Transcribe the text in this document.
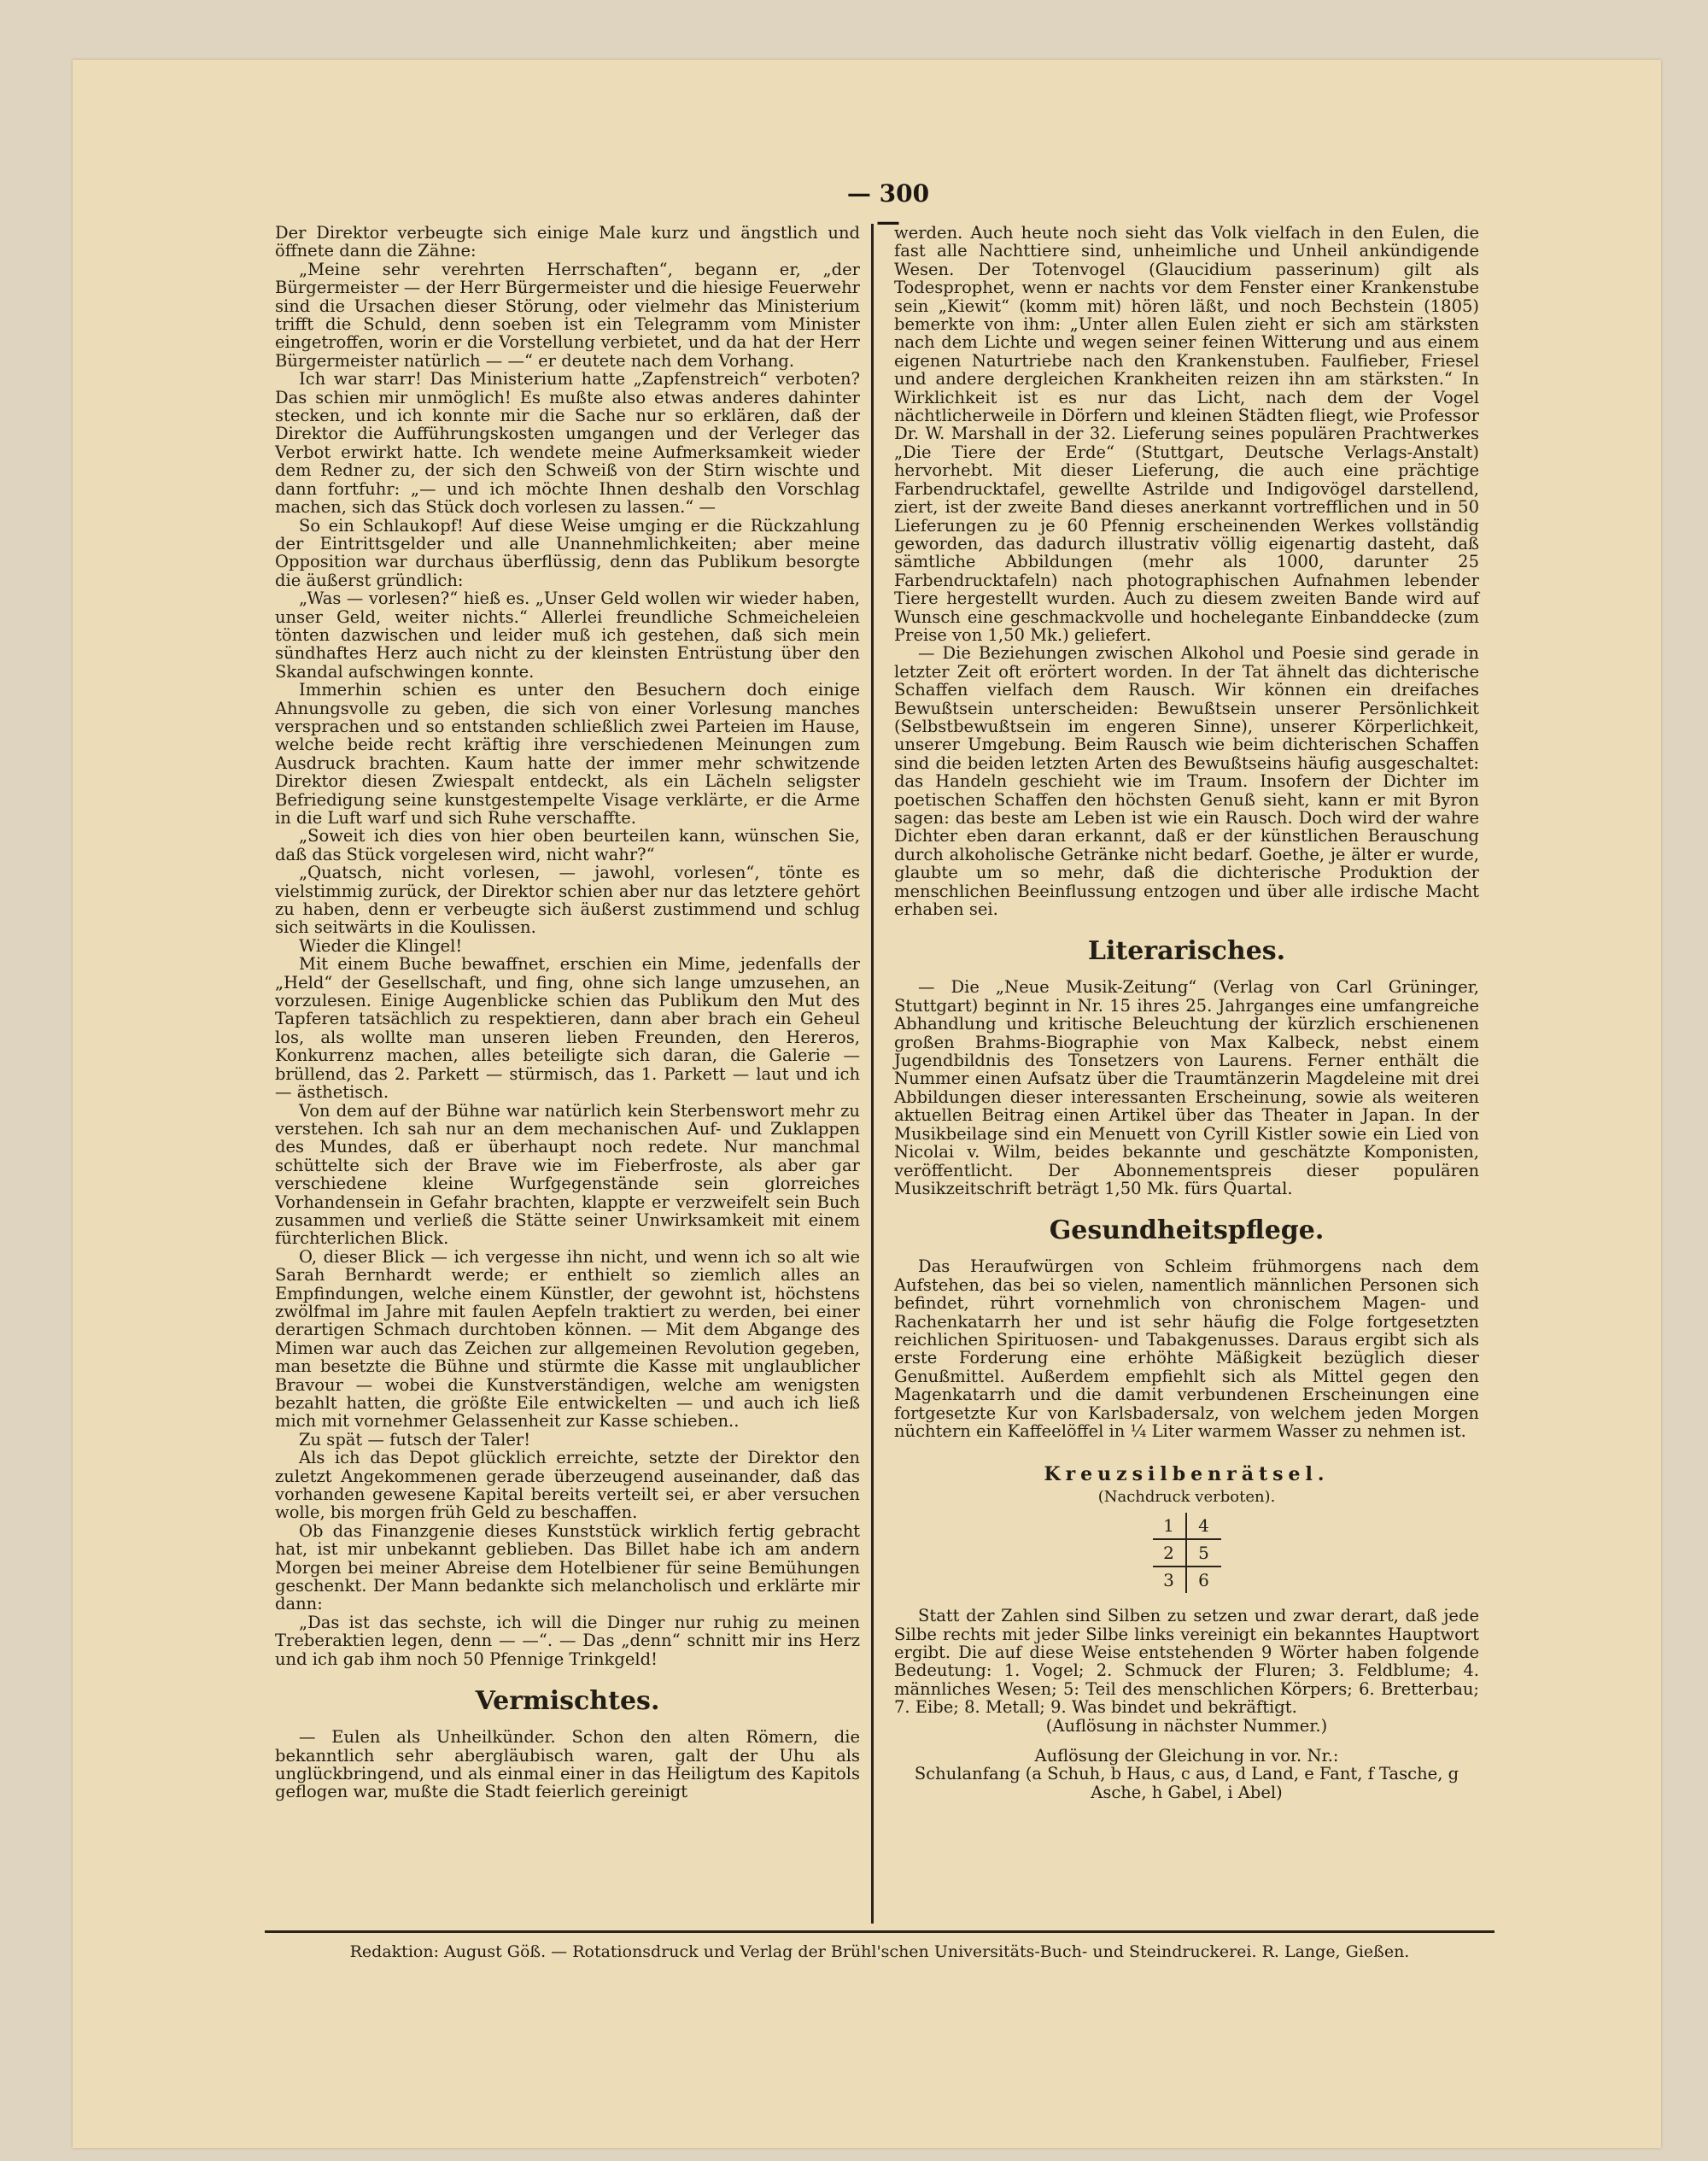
— 300 —

Der Direktor verbeugte sich einige Male kurz und ängstlich und öffnete dann die Zähne:

„Meine sehr verehrten Herrschaften“, begann er, „der Bürgermeister — der Herr Bürgermeister und die hiesige Feuerwehr sind die Ursachen dieser Störung, oder vielmehr das Ministerium trifft die Schuld, denn soeben ist ein Telegramm vom Minister eingetroffen, worin er die Vorstellung verbietet, und da hat der Herr Bürgermeister natürlich — —“ er deutete nach dem Vorhang.

Ich war starr! Das Ministerium hatte „Zapfenstreich“ verboten? Das schien mir unmöglich! Es mußte also etwas anderes dahinter stecken, und ich konnte mir die Sache nur so erklären, daß der Direktor die Aufführungskosten umgangen und der Verleger das Verbot erwirkt hatte. Ich wendete meine Aufmerksamkeit wieder dem Redner zu, der sich den Schweiß von der Stirn wischte und dann fortfuhr: „— und ich möchte Ihnen deshalb den Vorschlag machen, sich das Stück doch vorlesen zu lassen.“ —

So ein Schlaukopf! Auf diese Weise umging er die Rückzahlung der Eintrittsgelder und alle Unannehmlichkeiten; aber meine Opposition war durchaus überflüssig, denn das Publikum besorgte die äußerst gründlich:

„Was — vorlesen?“ hieß es. „Unser Geld wollen wir wieder haben, unser Geld, weiter nichts.“ Allerlei freundliche Schmeicheleien tönten dazwischen und leider muß ich gestehen, daß sich mein sündhaftes Herz auch nicht zu der kleinsten Entrüstung über den Skandal aufschwingen konnte.

Immerhin schien es unter den Besuchern doch einige Ahnungsvolle zu geben, die sich von einer Vorlesung manches versprachen und so entstanden schließlich zwei Parteien im Hause, welche beide recht kräftig ihre verschiedenen Meinungen zum Ausdruck brachten. Kaum hatte der immer mehr schwitzende Direktor diesen Zwiespalt entdeckt, als ein Lächeln seligster Befriedigung seine kunstgestempelte Visage verklärte, er die Arme in die Luft warf und sich Ruhe verschaffte.

„Soweit ich dies von hier oben beurteilen kann, wünschen Sie, daß das Stück vorgelesen wird, nicht wahr?“

„Quatsch, nicht vorlesen, — jawohl, vorlesen“, tönte es vielstimmig zurück, der Direktor schien aber nur das letztere gehört zu haben, denn er verbeugte sich äußerst zustimmend und schlug sich seitwärts in die Koulissen.

Wieder die Klingel!

Mit einem Buche bewaffnet, erschien ein Mime, jedenfalls der „Held“ der Gesellschaft, und fing, ohne sich lange umzusehen, an vorzulesen. Einige Augenblicke schien das Publikum den Mut des Tapferen tatsächlich zu respektieren, dann aber brach ein Geheul los, als wollte man unseren lieben Freunden, den Hereros, Konkurrenz machen, alles beteiligte sich daran, die Galerie — brüllend, das 2. Parkett — stürmisch, das 1. Parkett — laut und ich — ästhetisch.

Von dem auf der Bühne war natürlich kein Sterbenswort mehr zu verstehen. Ich sah nur an dem mechanischen Auf- und Zuklappen des Mundes, daß er überhaupt noch redete. Nur manchmal schüttelte sich der Brave wie im Fieberfroste, als aber gar verschiedene kleine Wurfgegenstände sein glorreiches Vorhandensein in Gefahr brachten, klappte er verzweifelt sein Buch zusammen und verließ die Stätte seiner Unwirksamkeit mit einem fürchterlichen Blick.

O, dieser Blick — ich vergesse ihn nicht, und wenn ich so alt wie Sarah Bernhardt werde; er enthielt so ziemlich alles an Empfindungen, welche einem Künstler, der gewohnt ist, höchstens zwölfmal im Jahre mit faulen Aepfeln traktiert zu werden, bei einer derartigen Schmach durchtoben können. — Mit dem Abgange des Mimen war auch das Zeichen zur allgemeinen Revolution gegeben, man besetzte die Bühne und stürmte die Kasse mit unglaublicher Bravour — wobei die Kunstverständigen, welche am wenigsten bezahlt hatten, die größte Eile entwickelten — und auch ich ließ mich mit vornehmer Gelassenheit zur Kasse schieben..

Zu spät — futsch der Taler!

Als ich das Depot glücklich erreichte, setzte der Direktor den zuletzt Angekommenen gerade überzeugend auseinander, daß das vorhanden gewesene Kapital bereits verteilt sei, er aber versuchen wolle, bis morgen früh Geld zu beschaffen.

Ob das Finanzgenie dieses Kunststück wirklich fertig gebracht hat, ist mir unbekannt geblieben. Das Billet habe ich am andern Morgen bei meiner Abreise dem Hotelbiener für seine Bemühungen geschenkt. Der Mann bedankte sich melancholisch und erklärte mir dann:

„Das ist das sechste, ich will die Dinger nur ruhig zu meinen Treberaktien legen, denn — —“. — Das „denn“ schnitt mir ins Herz und ich gab ihm noch 50 Pfennige Trinkgeld!

Vermischtes.

— Eulen als Unheilkünder. Schon den alten Römern, die bekanntlich sehr abergläubisch waren, galt der Uhu als unglückbringend, und als einmal einer in das Heiligtum des Kapitols geflogen war, mußte die Stadt feierlich gereinigt

werden. Auch heute noch sieht das Volk vielfach in den Eulen, die fast alle Nachttiere sind, unheimliche und Unheil ankündigende Wesen. Der Totenvogel (Glaucidium passerinum) gilt als Todesprophet, wenn er nachts vor dem Fenster einer Krankenstube sein „Kiewit“ (komm mit) hören läßt, und noch Bechstein (1805) bemerkte von ihm: „Unter allen Eulen zieht er sich am stärksten nach dem Lichte und wegen seiner feinen Witterung und aus einem eigenen Naturtriebe nach den Krankenstuben. Faulfieber, Friesel und andere dergleichen Krankheiten reizen ihn am stärksten.“ In Wirklichkeit ist es nur das Licht, nach dem der Vogel nächtlicherweile in Dörfern und kleinen Städten fliegt, wie Professor Dr. W. Marshall in der 32. Lieferung seines populären Prachtwerkes „Die Tiere der Erde“ (Stuttgart, Deutsche Verlags-Anstalt) hervorhebt. Mit dieser Lieferung, die auch eine prächtige Farbendrucktafel, gewellte Astrilde und Indigovögel darstellend, ziert, ist der zweite Band dieses anerkannt vortrefflichen und in 50 Lieferungen zu je 60 Pfennig erscheinenden Werkes vollständig geworden, das dadurch illustrativ völlig eigenartig dasteht, daß sämtliche Abbildungen (mehr als 1000, darunter 25 Farbendrucktafeln) nach photographischen Aufnahmen lebender Tiere hergestellt wurden. Auch zu diesem zweiten Bande wird auf Wunsch eine geschmackvolle und hochelegante Einbanddecke (zum Preise von 1,50 Mk.) geliefert.

— Die Beziehungen zwischen Alkohol und Poesie sind gerade in letzter Zeit oft erörtert worden. In der Tat ähnelt das dichterische Schaffen vielfach dem Rausch. Wir können ein dreifaches Bewußtsein unterscheiden: Bewußtsein unserer Persönlichkeit (Selbstbewußtsein im engeren Sinne), unserer Körperlichkeit, unserer Umgebung. Beim Rausch wie beim dichterischen Schaffen sind die beiden letzten Arten des Bewußtseins häufig ausgeschaltet: das Handeln geschieht wie im Traum. Insofern der Dichter im poetischen Schaffen den höchsten Genuß sieht, kann er mit Byron sagen: das beste am Leben ist wie ein Rausch. Doch wird der wahre Dichter eben daran erkannt, daß er der künstlichen Berauschung durch alkoholische Getränke nicht bedarf. Goethe, je älter er wurde, glaubte um so mehr, daß die dichterische Produktion der menschlichen Beeinflussung entzogen und über alle irdische Macht erhaben sei.

Literarisches.

— Die „Neue Musik-Zeitung“ (Verlag von Carl Grüninger, Stuttgart) beginnt in Nr. 15 ihres 25. Jahrganges eine umfangreiche Abhandlung und kritische Beleuchtung der kürzlich erschienenen großen Brahms-Biographie von Max Kalbeck, nebst einem Jugendbildnis des Tonsetzers von Laurens. Ferner enthält die Nummer einen Aufsatz über die Traumtänzerin Magdeleine mit drei Abbildungen dieser interessanten Erscheinung, sowie als weiteren aktuellen Beitrag einen Artikel über das Theater in Japan. In der Musikbeilage sind ein Menuett von Cyrill Kistler sowie ein Lied von Nicolai v. Wilm, beides bekannte und geschätzte Komponisten, veröffentlicht. Der Abonnementspreis dieser populären Musikzeitschrift beträgt 1,50 Mk. fürs Quartal.

Gesundheitspflege.

Das Heraufwürgen von Schleim frühmorgens nach dem Aufstehen, das bei so vielen, namentlich männlichen Personen sich befindet, rührt vornehmlich von chronischem Magen- und Rachenkatarrh her und ist sehr häufig die Folge fortgesetzten reichlichen Spirituosen- und Tabakgenusses. Daraus ergibt sich als erste Forderung eine erhöhte Mäßigkeit bezüglich dieser Genußmittel. Außerdem empfiehlt sich als Mittel gegen den Magenkatarrh und die damit verbundenen Erscheinungen eine fortgesetzte Kur von Karlsbadersalz, von welchem jeden Morgen nüchtern ein Kaffeelöffel in ¼ Liter warmem Wasser zu nehmen ist.

Kreuzsilbenrätsel.
(Nachdruck verboten).
1	4
2	5
3	6

Statt der Zahlen sind Silben zu setzen und zwar derart, daß jede Silbe rechts mit jeder Silbe links vereinigt ein bekanntes Hauptwort ergibt. Die auf diese Weise entstehenden 9 Wörter haben folgende Bedeutung: 1. Vogel; 2. Schmuck der Fluren; 3. Feldblume; 4. männliches Wesen; 5: Teil des menschlichen Körpers; 6. Bretterbau; 7. Eibe; 8. Metall; 9. Was bindet und bekräftigt.

(Auflösung in nächster Nummer.)

Auflösung der Gleichung in vor. Nr.:

Schulanfang (a Schuh, b Haus, c aus, d Land, e Fant, f Tasche, g Asche, h Gabel, i Abel)

Redaktion: August Göß. — Rotationsdruck und Verlag der Brühl'schen Universitäts-Buch- und Steindruckerei. R. Lange, Gießen.
